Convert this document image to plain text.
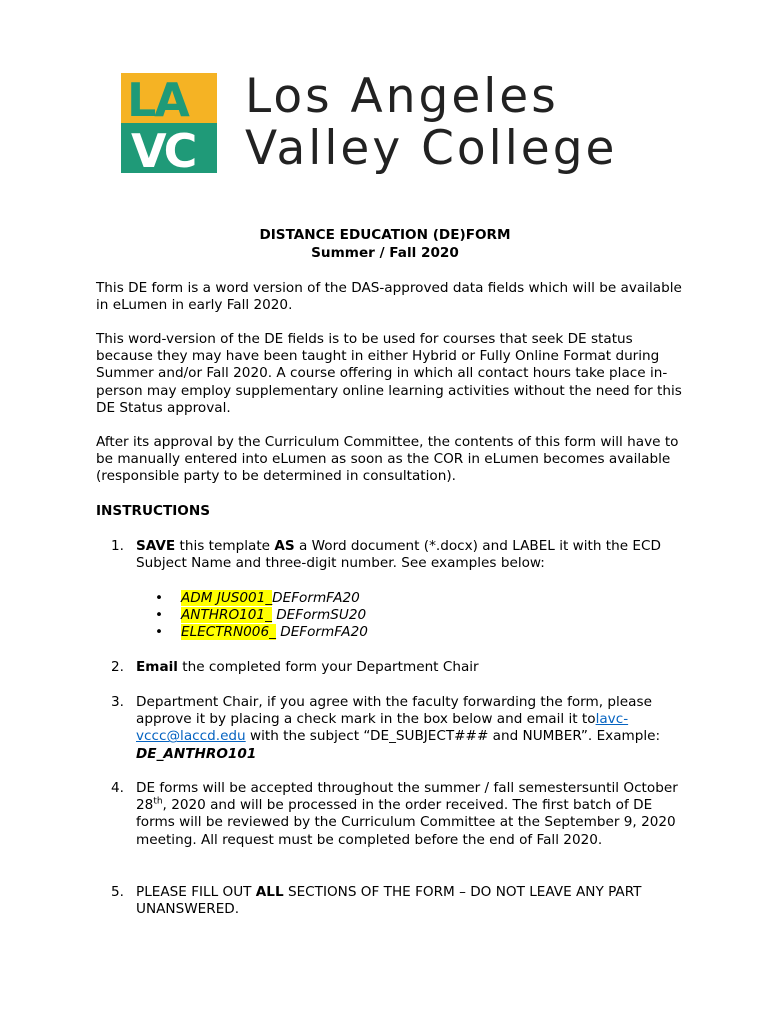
LA
VC
Los Angeles
Valley College
DISTANCE EDUCATION (DE)FORM
Summer / Fall 2020

This DE form is a word version of the DAS-approved data fields which will be available in eLumen in early Fall 2020.

This word-version of the DE fields is to be used for courses that seek DE status because they may have been taught in either Hybrid or Fully Online Format during Summer and/or Fall 2020. A course offering in which all contact hours take place in-person may employ supplementary online learning activities without the need for this DE Status approval.

After its approval by the Curriculum Committee, the contents of this form will have to be manually entered into eLumen as soon as the COR in eLumen becomes available (responsible party to be determined in consultation).

INSTRUCTIONS
1. SAVE this template AS a Word document (*.docx) and LABEL it with the ECD Subject Name and three-digit number. See examples below:
• ADM JUS001_DEFormFA20
• ANTHRO101_ DEFormSU20
• ELECTRN006_ DEFormFA20
2. Email the completed form your Department Chair
3. Department Chair, if you agree with the faculty forwarding the form, please approve it by placing a check mark in the box below and email it tolavc-vccc@laccd.edu with the subject “DE_SUBJECT### and NUMBER”. Example: DE_ANTHRO101
4. DE forms will be accepted throughout the summer / fall semestersuntil October 28th, 2020 and will be processed in the order received. The first batch of DE forms will be reviewed by the Curriculum Committee at the September 9, 2020 meeting. All request must be completed before the end of Fall 2020.
5. PLEASE FILL OUT ALL SECTIONS OF THE FORM – DO NOT LEAVE ANY PART UNANSWERED.
